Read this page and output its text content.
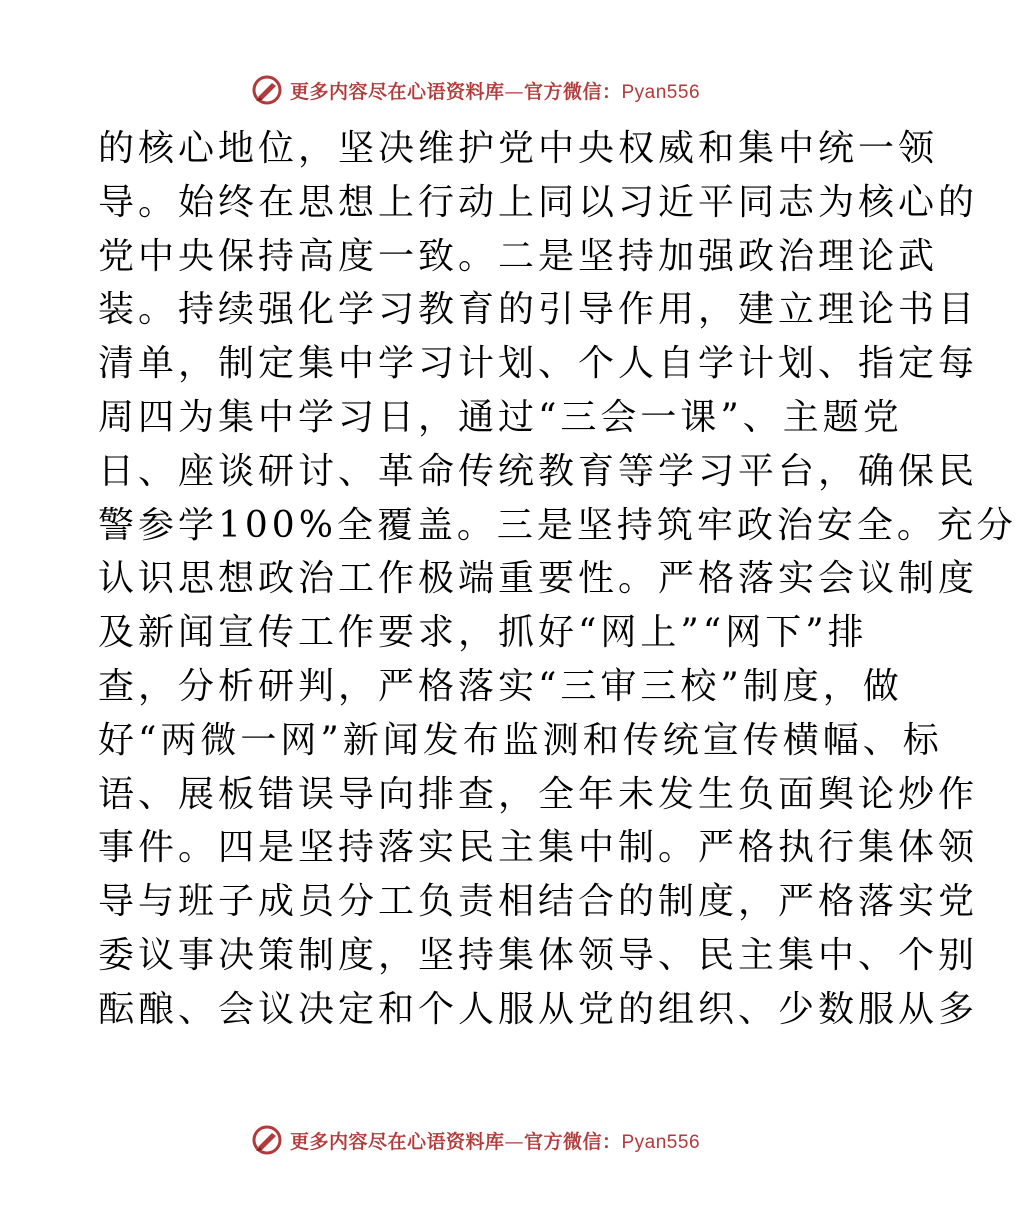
更多内容尽在心语资料库—官方微信：Pyan556
的核心地位，坚决维护党中央权威和集中统一领
导。始终在思想上行动上同以习近平同志为核心的
党中央保持高度一致。二是坚持加强政治理论武
装。持续强化学习教育的引导作用，建立理论书目
清单，制定集中学习计划、个人自学计划、指定每
周四为集中学习日，通过“三会一课”、主题党
日、座谈研讨、革命传统教育等学习平台，确保民
警参学100%全覆盖。三是坚持筑牢政治安全。充分
认识思想政治工作极端重要性。严格落实会议制度
及新闻宣传工作要求，抓好“网上”“网下”排
查，分析研判，严格落实“三审三校”制度，做
好“两微一网”新闻发布监测和传统宣传横幅、标
语、展板错误导向排查，全年未发生负面舆论炒作
事件。四是坚持落实民主集中制。严格执行集体领
导与班子成员分工负责相结合的制度，严格落实党
委议事决策制度，坚持集体领导、民主集中、个别
酝酿、会议决定和个人服从党的组织、少数服从多
更多内容尽在心语资料库—官方微信：Pyan556
